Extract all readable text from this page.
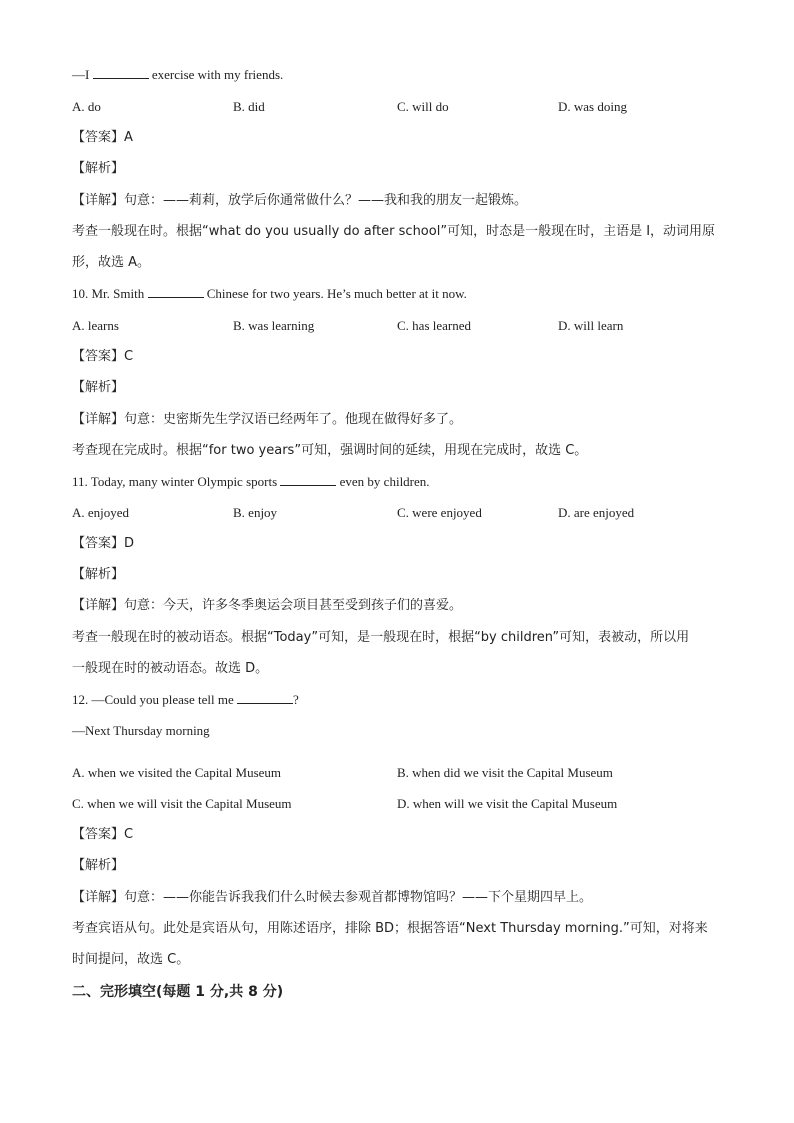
—I	exercise with my friends.
A. do	B. did	C. will do	D. was doing
【答案】A
【解析】
【详解】句意：——莉莉，放学后你通常做什么？——我和我的朋友一起锻炼。
考查一般现在时。根据“what do you usually do after school”可知，时态是一般现在时，主语是 I，动词用原
形，故选 A。
10. Mr. Smith	Chinese for two years. He’s much better at it now.
A. learns	B. was learning	C. has learned	D. will learn
【答案】C
【解析】
【详解】句意：史密斯先生学汉语已经两年了。他现在做得好多了。
考查现在完成时。根据“for two years”可知，强调时间的延续，用现在完成时，故选 C。
11. Today, many winter Olympic sports	even by children.
A. enjoyed	B. enjoy	C. were enjoyed	D. are enjoyed
【答案】D
【解析】
【详解】句意：今天，许多冬季奥运会项目甚至受到孩子们的喜爱。
考查一般现在时的被动语态。根据“Today”可知，是一般现在时，根据“by children”可知，表被动，所以用
一般现在时的被动语态。故选 D。
12. —Could you please tell me	?
—Next Thursday morning
A. when we visited the Capital Museum	B. when did we visit the Capital Museum
C. when we will visit the Capital Museum	D. when will we visit the Capital Museum
【答案】C
【解析】
【详解】句意：——你能告诉我我们什么时候去参观首都博物馆吗？——下个星期四早上。
考查宾语从句。此处是宾语从句，用陈述语序，排除 BD；根据答语“Next Thursday morning.”可知，对将来
时间提问，故选 C。
二、完形填空(每题 1 分,共 8 分)
